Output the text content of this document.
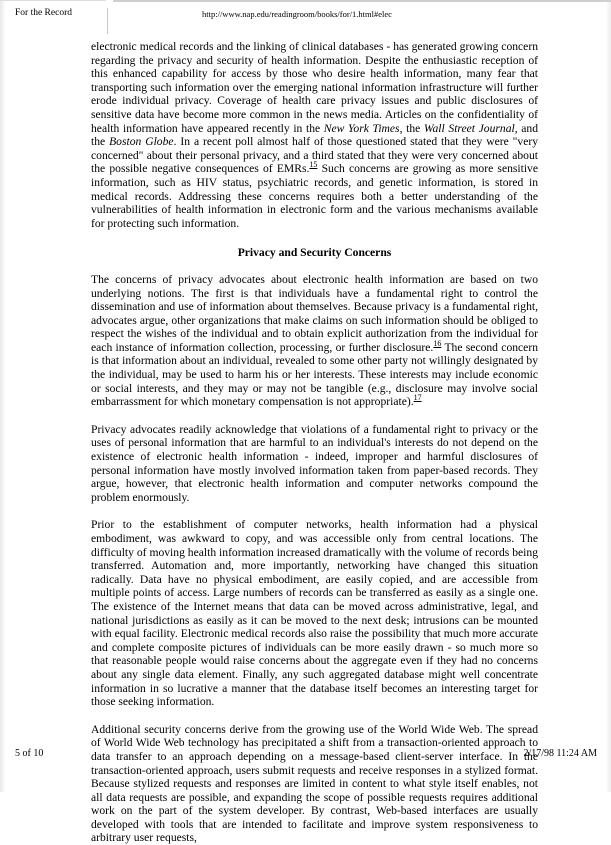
For the Record	http://www.nap.edu/readingroom/books/for/1.html#elec

electronic medical records and the linking of clinical databases - has generated growing concern regarding the privacy and security of health information. Despite the enthusiastic reception of this enhanced capability for access by those who desire health information, many fear that transporting such information over the emerging national information infrastructure will further erode individual privacy. Coverage of health care privacy issues and public disclosures of sensitive data have become more common in the news media. Articles on the confidentiality of health information have appeared recently in the New York Times, the Wall Street Journal, and the Boston Globe. In a recent poll almost half of those questioned stated that they were "very concerned" about their personal privacy, and a third stated that they were very concerned about the possible negative consequences of EMRs.$^{15}$ Such concerns are growing as more sensitive information, such as HIV status, psychiatric records, and genetic information, is stored in medical records. Addressing these concerns requires both a better understanding of the vulnerabilities of health information in electronic form and the various mechanisms available for protecting such information.

Privacy and Security Concerns

The concerns of privacy advocates about electronic health information are based on two underlying notions. The first is that individuals have a fundamental right to control the dissemination and use of information about themselves. Because privacy is a fundamental right, advocates argue, other organizations that make claims on such information should be obliged to respect the wishes of the individual and to obtain explicit authorization from the individual for each instance of information collection, processing, or further disclosure.$^{16}$ The second concern is that information about an individual, revealed to some other party not willingly designated by the individual, may be used to harm his or her interests. These interests may include economic or social interests, and they may or may not be tangible (e.g., disclosure may involve social embarrassment for which monetary compensation is not appropriate).$^{17}$

Privacy advocates readily acknowledge that violations of a fundamental right to privacy or the uses of personal information that are harmful to an individual's interests do not depend on the existence of electronic health information - indeed, improper and harmful disclosures of personal information have mostly involved information taken from paper-based records. They argue, however, that electronic health information and computer networks compound the problem enormously.

Prior to the establishment of computer networks, health information had a physical embodiment, was awkward to copy, and was accessible only from central locations. The difficulty of moving health information increased dramatically with the volume of records being transferred. Automation and, more importantly, networking have changed this situation radically. Data have no physical embodiment, are easily copied, and are accessible from multiple points of access. Large numbers of records can be transferred as easily as a single one. The existence of the Internet means that data can be moved across administrative, legal, and national jurisdictions as easily as it can be moved to the next desk; intrusions can be mounted with equal facility. Electronic medical records also raise the possibility that much more accurate and complete composite pictures of individuals can be more easily drawn - so much more so that reasonable people would raise concerns about the aggregate even if they had no concerns about any single data element. Finally, any such aggregated database might well concentrate information in so lucrative a manner that the database itself becomes an interesting target for those seeking information.

Additional security concerns derive from the growing use of the World Wide Web. The spread of World Wide Web technology has precipitated a shift from a transaction-oriented approach to data transfer to an approach depending on a message-based client-server interface. In the transaction-oriented approach, users submit requests and receive responses in a stylized format. Because stylized requests and responses are limited in content to what style itself enables, not all data requests are possible, and expanding the scope of possible requests requires additional work on the part of the system developer. By contrast, Web-based interfaces are usually developed with tools that are intended to facilitate and improve system responsiveness to arbitrary user requests,

5 of 10	2/17/98 11:24 AM
